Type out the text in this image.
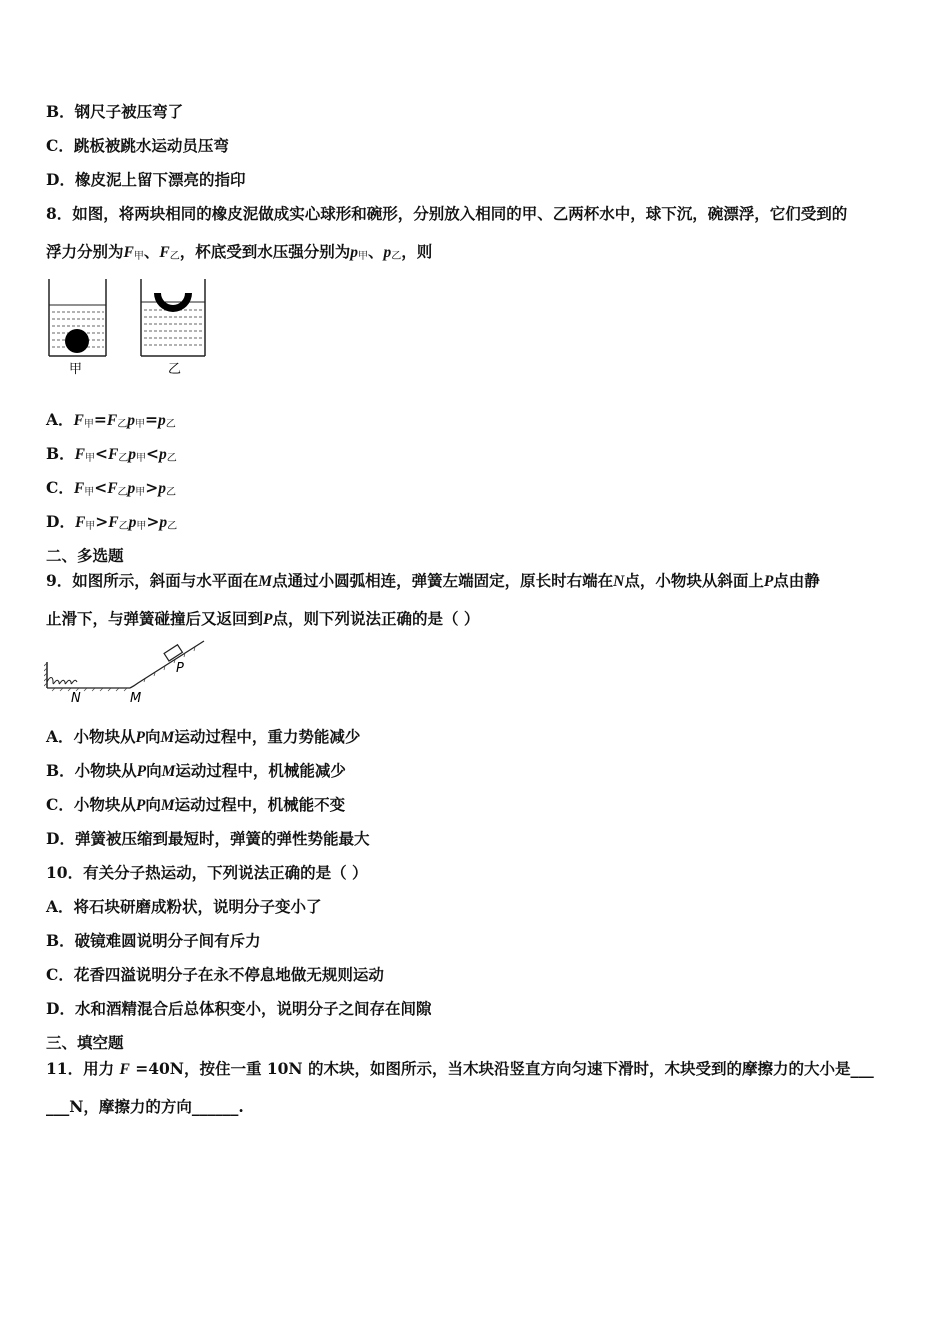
B．钢尺子被压弯了
C．跳板被跳水运动员压弯
D．橡皮泥上留下漂亮的指印
8．如图，将两块相同的橡皮泥做成实心球形和碗形，分别放入相同的甲、乙两杯水中，球下沉，碗漂浮，它们受到的
浮力分别为$F_甲$、$F_乙$，杯底受到水压强分别为$p_甲$、$p_乙$，则
甲	乙
A．$F_甲=F_乙p_甲=p_乙$
B．$F_甲<F_乙p_甲<p_乙$
C．$F_甲<F_乙p_甲>p_乙$
D．$F_甲>F_乙p_甲>p_乙$
二、多选题
9．如图所示，斜面与水平面在M点通过小圆弧相连，弹簧左端固定，原长时右端在N点，小物块从斜面上P点由静
止滑下，与弹簧碰撞后又返回到P点，则下列说法正确的是（ ）
N	M
P
A．小物块从P向M运动过程中，重力势能减少
B．小物块从P向M运动过程中，机械能减少
C．小物块从P向M运动过程中，机械能不变
D．弹簧被压缩到最短时，弹簧的弹性势能最大
10．有关分子热运动，下列说法正确的是（ ）
A．将石块研磨成粉状，说明分子变小了
B．破镜难圆说明分子间有斥力
C．花香四溢说明分子在永不停息地做无规则运动
D．水和酒精混合后总体积变小，说明分子之间存在间隙
三、填空题
11．用力 F =40N，按住一重 10N 的木块，如图所示，当木块沿竖直方向匀速下滑时，木块受到的摩擦力的大小是___
___N，摩擦力的方向______.
